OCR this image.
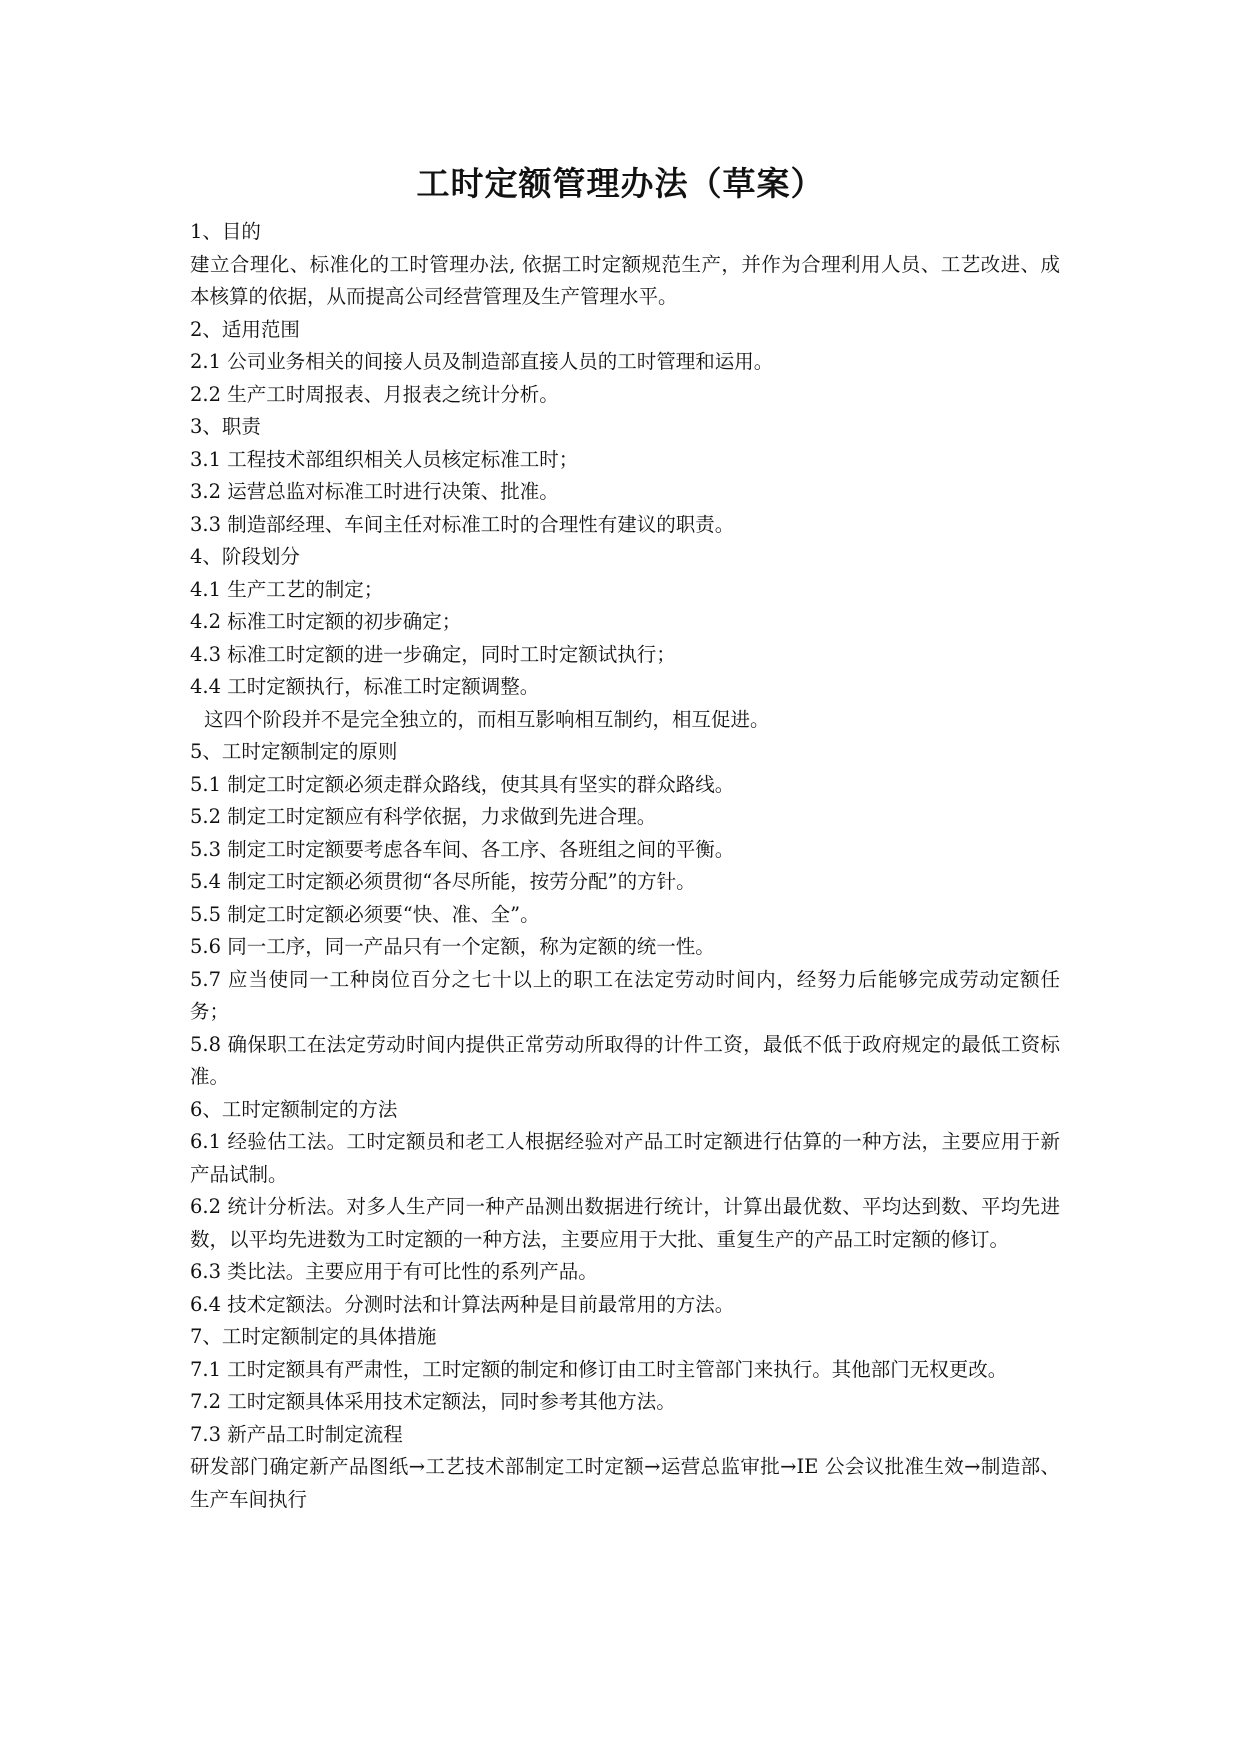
工时定额管理办法（草案）

1、目的

建立合理化、标准化的工时管理办法, 依据工时定额规范生产，并作为合理利用人员、工艺改进、成本核算的依据，从而提高公司经营管理及生产管理水平。

2、适用范围

2.1 公司业务相关的间接人员及制造部直接人员的工时管理和运用。

2.2 生产工时周报表、月报表之统计分析。

3、职责

3.1 工程技术部组织相关人员核定标准工时；

3.2 运营总监对标准工时进行决策、批准。

3.3 制造部经理、车间主任对标准工时的合理性有建议的职责。

4、阶段划分

4.1 生产工艺的制定；

4.2 标准工时定额的初步确定；

4.3 标准工时定额的进一步确定，同时工时定额试执行；

4.4 工时定额执行，标准工时定额调整。

这四个阶段并不是完全独立的，而相互影响相互制约，相互促进。

5、工时定额制定的原则

5.1 制定工时定额必须走群众路线，使其具有坚实的群众路线。

5.2 制定工时定额应有科学依据，力求做到先进合理。

5.3 制定工时定额要考虑各车间、各工序、各班组之间的平衡。

5.4 制定工时定额必须贯彻“各尽所能，按劳分配”的方针。

5.5 制定工时定额必须要“快、准、全”。

5.6 同一工序，同一产品只有一个定额，称为定额的统一性。

5.7 应当使同一工种岗位百分之七十以上的职工在法定劳动时间内，经努力后能够完成劳动定额任务；

5.8 确保职工在法定劳动时间内提供正常劳动所取得的计件工资，最低不低于政府规定的最低工资标准。

6、工时定额制定的方法

6.1 经验估工法。工时定额员和老工人根据经验对产品工时定额进行估算的一种方法，主要应用于新产品试制。

6.2 统计分析法。对多人生产同一种产品测出数据进行统计，计算出最优数、平均达到数、平均先进数，以平均先进数为工时定额的一种方法，主要应用于大批、重复生产的产品工时定额的修订。

6.3 类比法。主要应用于有可比性的系列产品。

6.4 技术定额法。分测时法和计算法两种是目前最常用的方法。

7、工时定额制定的具体措施

7.1 工时定额具有严肃性，工时定额的制定和修订由工时主管部门来执行。其他部门无权更改。

7.2 工时定额具体采用技术定额法，同时参考其他方法。

7.3 新产品工时制定流程

研发部门确定新产品图纸→工艺技术部制定工时定额→运营总监审批→IE 公会议批准生效→制造部、生产车间执行
